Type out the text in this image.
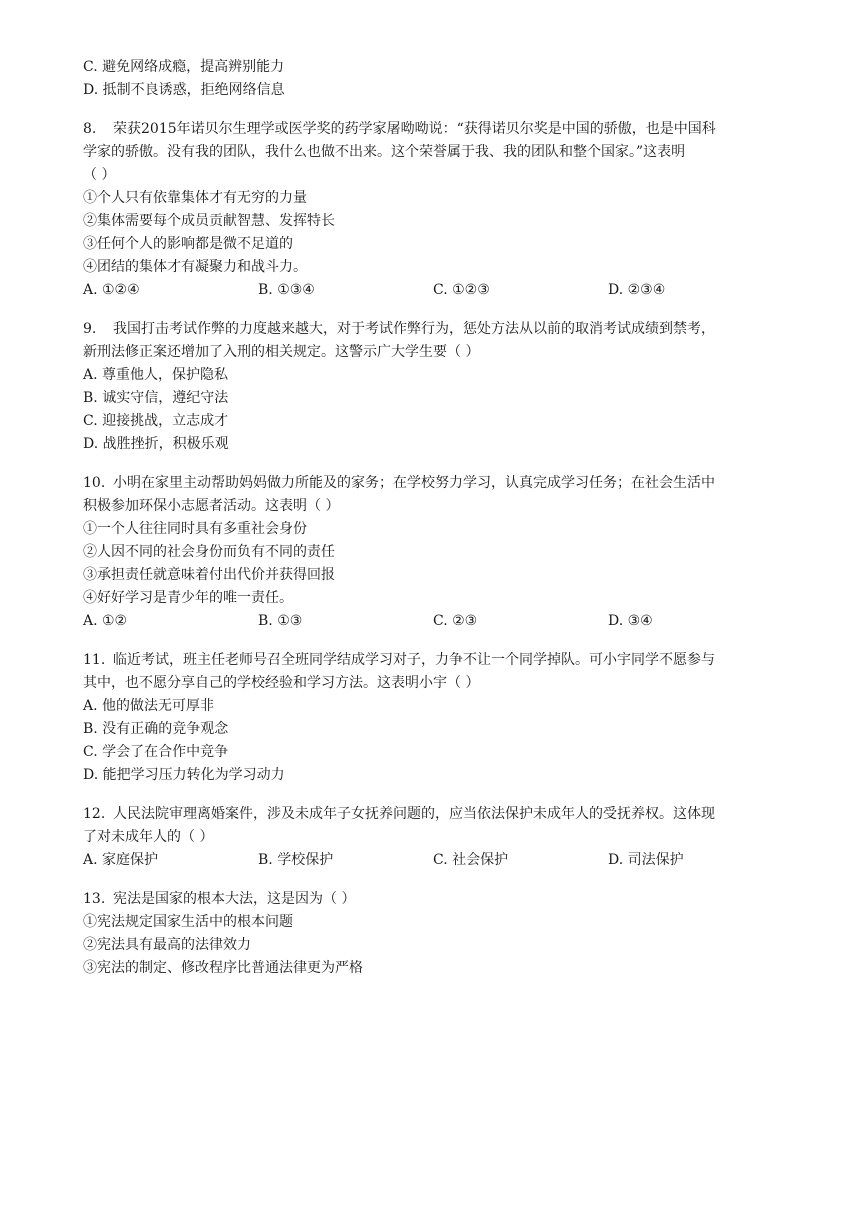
C. 避免网络成瘾，提高辨别能力
D. 抵制不良诱惑，拒绝网络信息
8. 荣获2015年诺贝尔生理学或医学奖的药学家屠呦呦说：“获得诺贝尔奖是中国的骄傲，也是中国科
学家的骄傲。没有我的团队，我什么也做不出来。这个荣誉属于我、我的团队和整个国家。”这表明
（ ）
①个人只有依靠集体才有无穷的力量
②集体需要每个成员贡献智慧、发挥特长
③任何个人的影响都是微不足道的
④团结的集体才有凝聚力和战斗力。
A. ①②④	B. ①③④	C. ①②③	D. ②③④
9. 我国打击考试作弊的力度越来越大，对于考试作弊行为，惩处方法从以前的取消考试成绩到禁考，
新刑法修正案还增加了入刑的相关规定。这警示广大学生要（ ）
A. 尊重他人，保护隐私
B. 诚实守信，遵纪守法
C. 迎接挑战，立志成才
D. 战胜挫折，积极乐观
10. 小明在家里主动帮助妈妈做力所能及的家务；在学校努力学习，认真完成学习任务；在社会生活中
积极参加环保小志愿者活动。这表明（ ）
①一个人往往同时具有多重社会身份
②人因不同的社会身份而负有不同的责任
③承担责任就意味着付出代价并获得回报
④好好学习是青少年的唯一责任。
A. ①②	B. ①③	C. ②③	D. ③④
11. 临近考试，班主任老师号召全班同学结成学习对子，力争不让一个同学掉队。可小宇同学不愿参与
其中，也不愿分享自己的学校经验和学习方法。这表明小宇（ ）
A. 他的做法无可厚非
B. 没有正确的竞争观念
C. 学会了在合作中竞争
D. 能把学习压力转化为学习动力
12. 人民法院审理离婚案件，涉及未成年子女抚养问题的，应当依法保护未成年人的受抚养权。这体现
了对未成年人的（ ）
A. 家庭保护	B. 学校保护	C. 社会保护	D. 司法保护
13. 宪法是国家的根本大法，这是因为（ ）
①宪法规定国家生活中的根本问题
②宪法具有最高的法律效力
③宪法的制定、修改程序比普通法律更为严格
